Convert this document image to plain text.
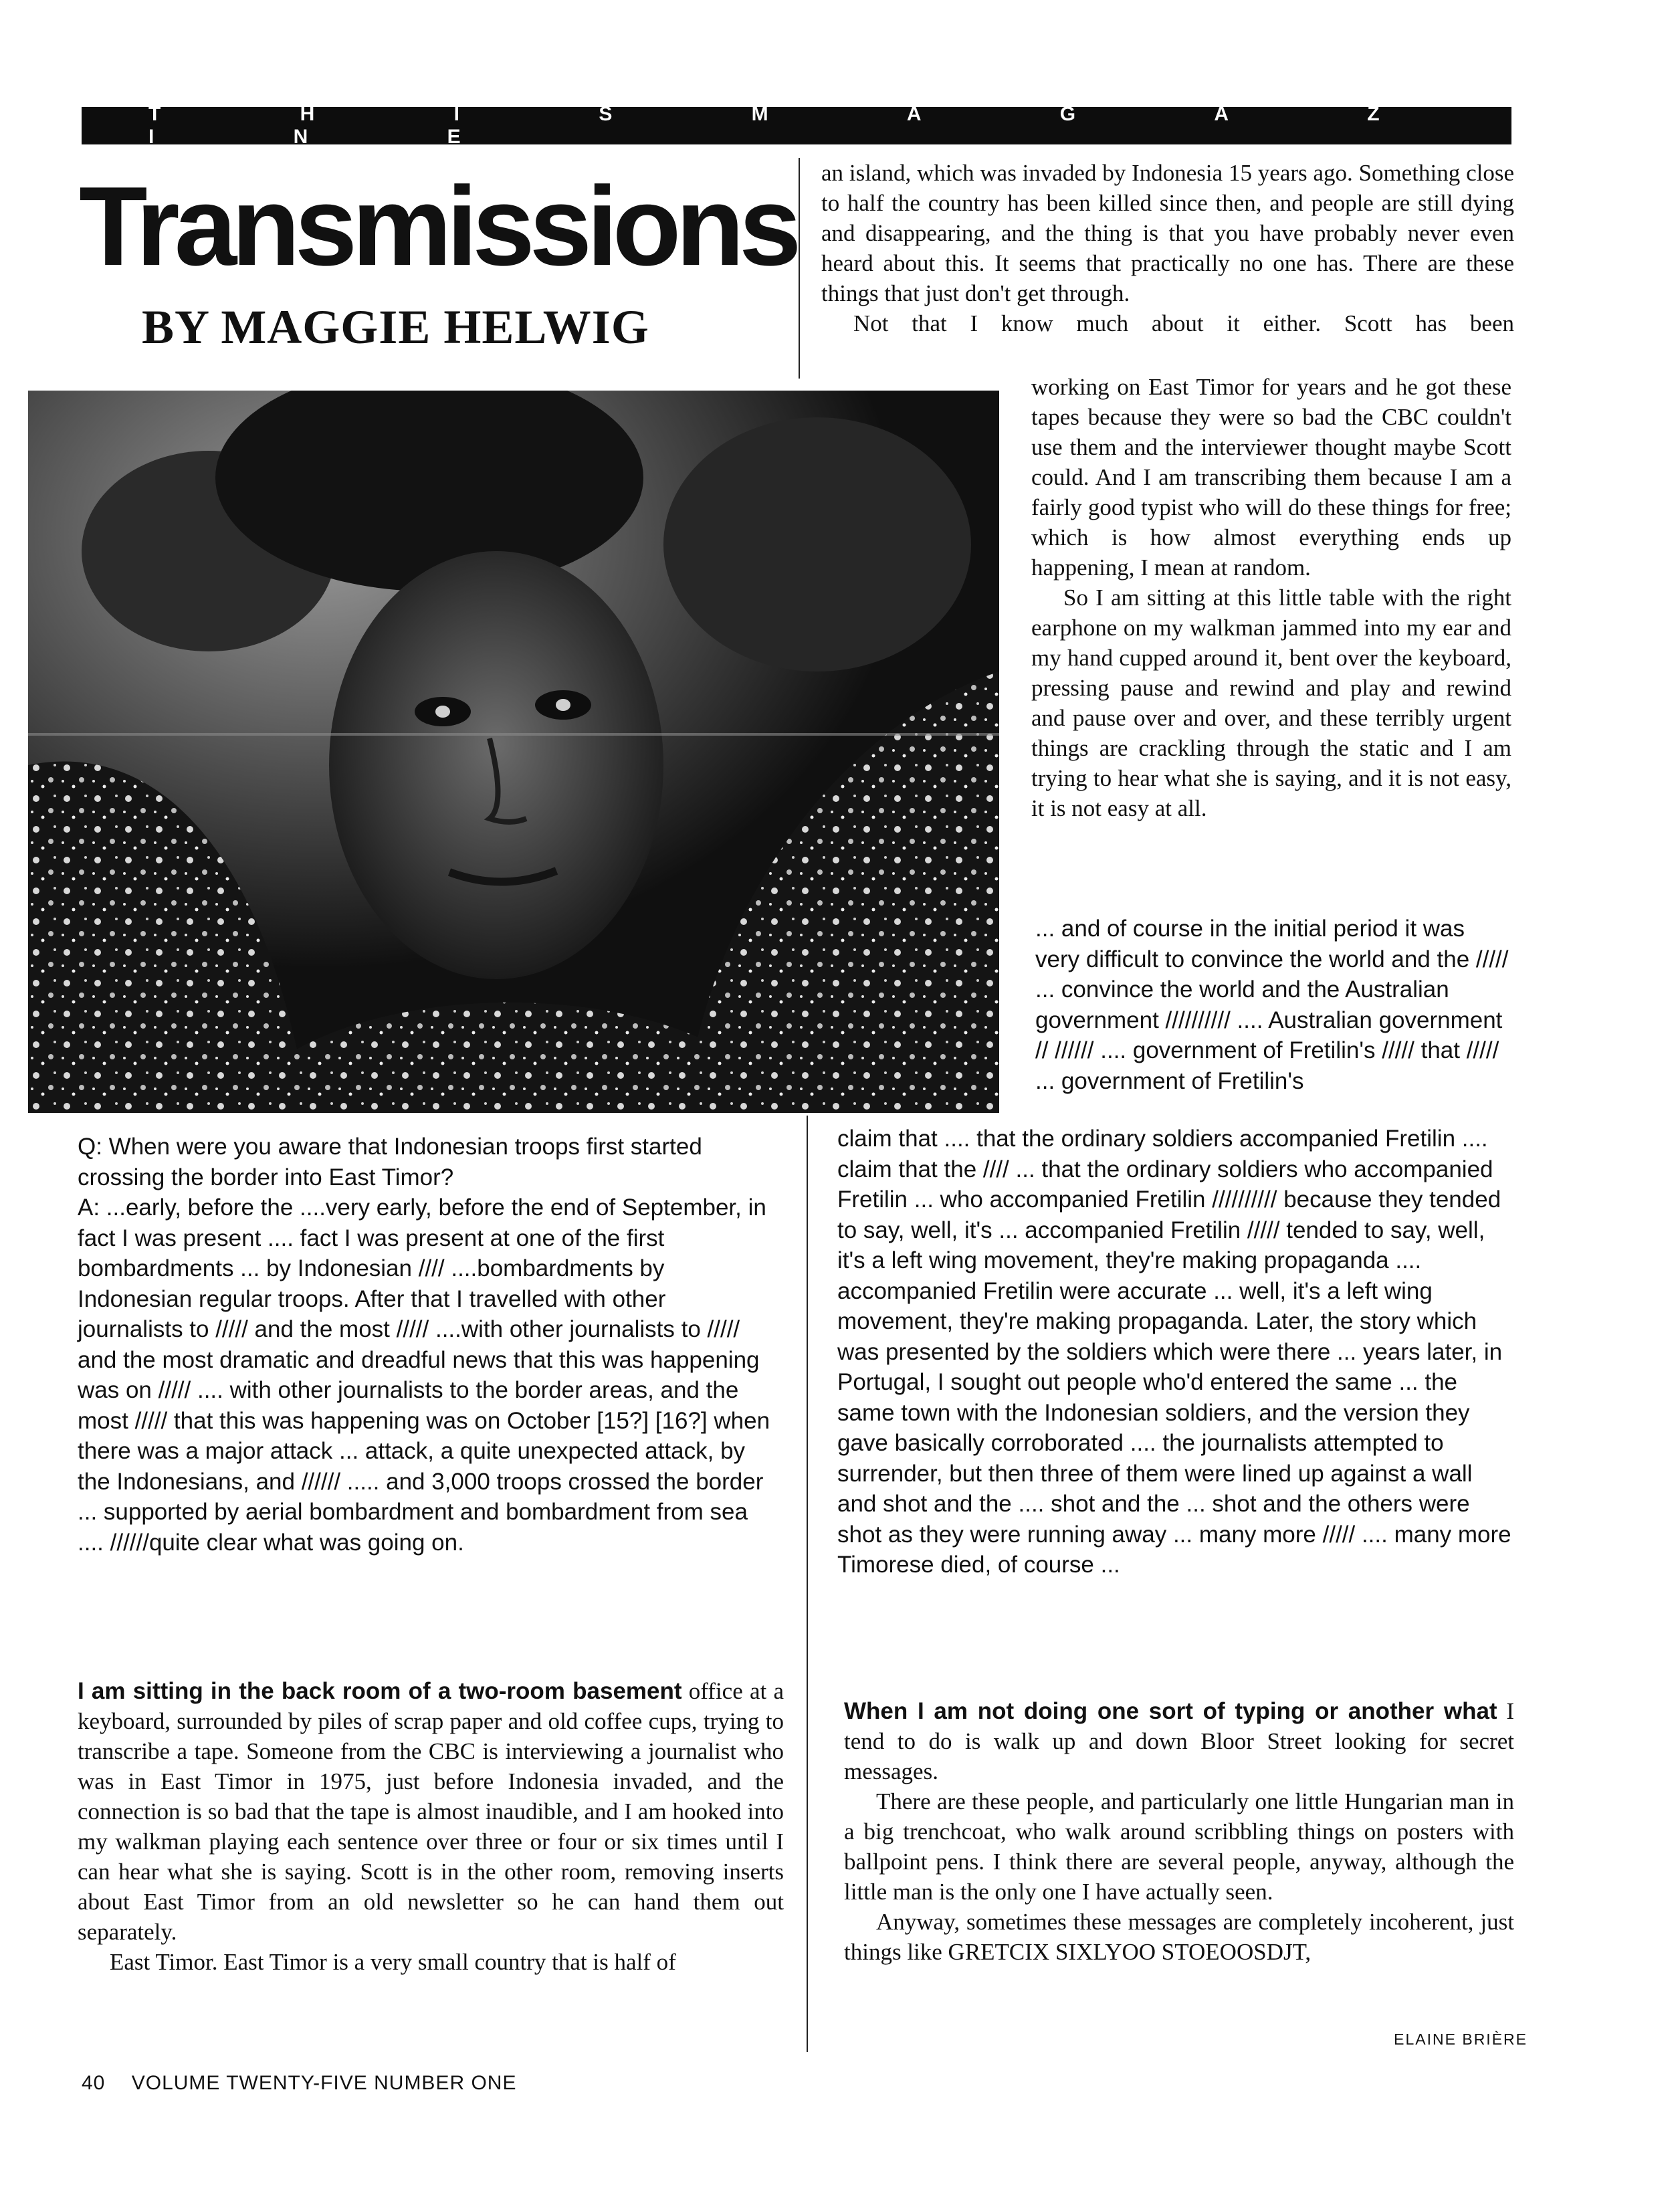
T H I S M A G A Z I N E
Transmissions
BY MAGGIE HELWIG

an island, which was invaded by Indonesia 15 years ago. Something close to half the country has been killed since then, and people are still dying and disappearing, and the thing is that you have probably never even heard about this. It seems that practically no one has. There are these things that just don't get through.

Not that I know much about it either. Scott has been

working on East Timor for years and he got these tapes because they were so bad the CBC couldn't use them and the interviewer thought maybe Scott could. And I am transcribing them because I am a fairly good typist who will do these things for free; which is how almost everything ends up happening, I mean at random.

So I am sitting at this little table with the right earphone on my walkman jammed into my ear and my hand cupped around it, bent over the keyboard, pressing pause and rewind and play and rewind and pause over and over, and these terribly urgent things are crackling through the static and I am trying to hear what she is saying, and it is not easy, it is not easy at all.

... and of course in the initial period it was very difficult to convince the world and the ///// ... convince the world and the Australian government ////////// .... Australian government // ////// .... government of Fretilin's ///// that ///// ... government of Fretilin's

claim that .... that the ordinary soldiers accompanied Fretilin .... claim that the //// ... that the ordinary soldiers who accompanied Fretilin ... who accompanied Fretilin ////////// because they tended to say, well, it's ... accompanied Fretilin ///// tended to say, well, it's a left wing movement, they're making propaganda .... accompanied Fretilin were accurate ... well, it's a left wing movement, they're making propaganda. Later, the story which was presented by the soldiers which were there ... years later, in Portugal, I sought out people who'd entered the same ... the same town with the Indonesian soldiers, and the version they gave basically corroborated .... the journalists attempted to surrender, but then three of them were lined up against a wall and shot and the .... shot and the ... shot and the others were shot as they were running away ... many more ///// .... many more Timorese died, of course ...

When I am not doing one sort of typing or another what I tend to do is walk up and down Bloor Street looking for secret messages.

There are these people, and particularly one little Hungarian man in a big trenchcoat, who walk around scribbling things on posters with ballpoint pens. I think there are several people, anyway, although the little man is the only one I have actually seen.

Anyway, sometimes these messages are completely incoherent, just things like GRETCIX SIXLYOO STOEOOSDJT,

Q: When were you aware that Indonesian troops first started crossing the border into East Timor?
A: ...early, before the ....very early, before the end of September, in fact I was present .... fact I was present at one of the first bombardments ... by Indonesian //// ....bombardments by Indonesian regular troops. After that I travelled with other journalists to ///// and the most ///// ....with other journalists to ///// and the most dramatic and dreadful news that this was happening was on ///// .... with other journalists to the border areas, and the most ///// that this was happening was on October [15?] [16?] when there was a major attack ... attack, a quite unexpected attack, by the Indonesians, and ////// ..... and 3,000 troops crossed the border ... supported by aerial bombardment and bombardment from sea .... //////quite clear what was going on.

I am sitting in the back room of a two-room basement office at a keyboard, surrounded by piles of scrap paper and old coffee cups, trying to transcribe a tape. Someone from the CBC is interviewing a journalist who was in East Timor in 1975, just before Indonesia invaded, and the connection is so bad that the tape is almost inaudible, and I am hooked into my walkman playing each sentence over three or four or six times until I can hear what she is saying. Scott is in the other room, removing inserts about East Timor from an old newsletter so he can hand them out separately.

East Timor. East Timor is a very small country that is half of

ELAINE BRIÈRE
40 VOLUME TWENTY-FIVE NUMBER ONE
